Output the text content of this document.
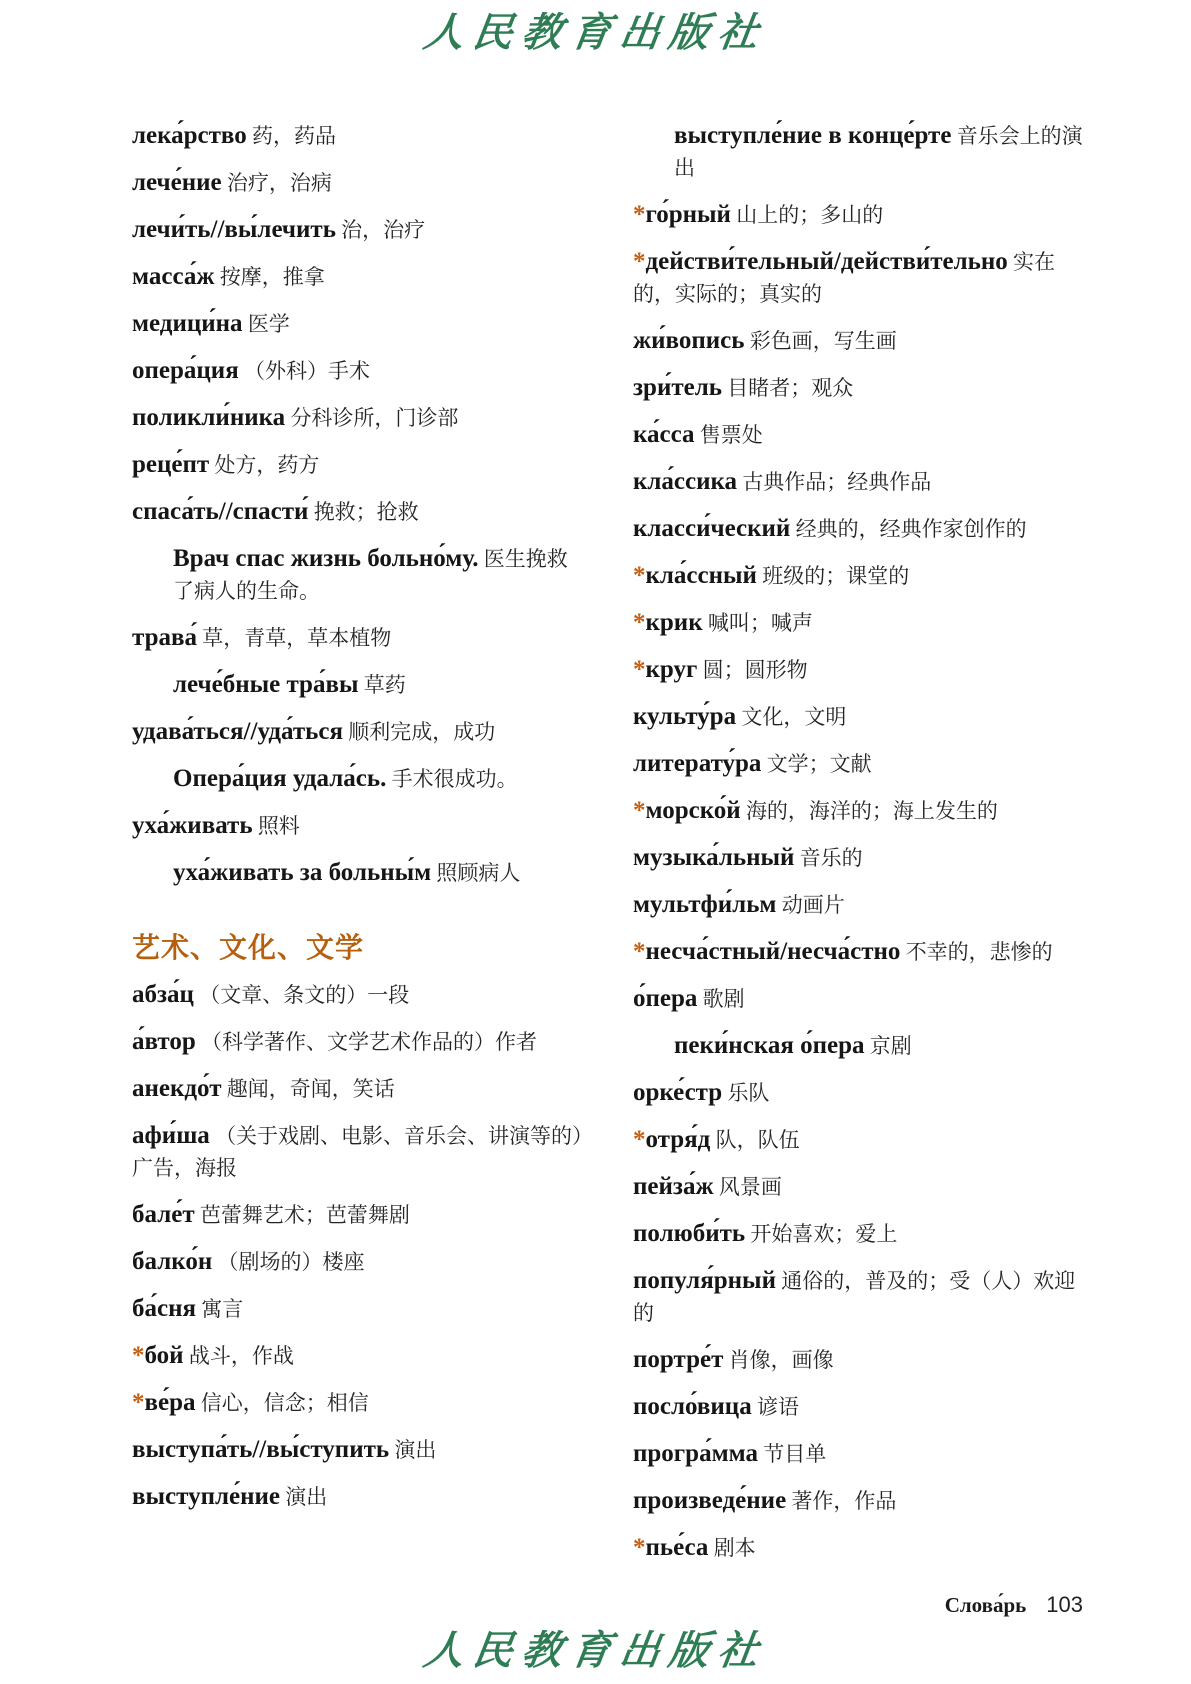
人民教育出版社
лека́рство 药，药品
лече́ние 治疗，治病
лечи́ть//вы́лечить 治，治疗
масса́ж 按摩，推拿
медици́на 医学
опера́ция （外科）手术
поликли́ника 分科诊所，门诊部
реце́пт 处方，药方
спаса́ть//спасти́ 挽救；抢救
Врач спас жизнь больно́му. 医生挽救了病人的生命。
трава́ 草，青草，草本植物
лече́бные тра́вы 草药
удава́ться//уда́ться 顺利完成，成功
Опера́ция удала́сь. 手术很成功。
уха́живать 照料
уха́живать за больны́м 照顾病人
艺术、文化、文学
абза́ц （文章、条文的）一段
а́втор （科学著作、文学艺术作品的）作者
анекдо́т 趣闻，奇闻，笑话
афи́ша （关于戏剧、电影、音乐会、讲演等的）广告，海报
бале́т 芭蕾舞艺术；芭蕾舞剧
балко́н （剧场的）楼座
ба́сня 寓言
*бой 战斗，作战
*ве́ра 信心，信念；相信
выступа́ть//вы́ступить 演出
выступле́ние 演出
выступле́ние в конце́рте 音乐会上的演出
*го́рный 山上的；多山的
*действи́тельный/действи́тельно 实在的，实际的；真实的
жи́вопись 彩色画，写生画
зри́тель 目睹者；观众
ка́сса 售票处
кла́ссика 古典作品；经典作品
класси́ческий 经典的，经典作家创作的
*кла́ссный 班级的；课堂的
*крик 喊叫；喊声
*круг 圆；圆形物
культу́ра 文化，文明
литерату́ра 文学；文献
*морско́й 海的，海洋的；海上发生的
музыка́льный 音乐的
мультфи́льм 动画片
*несча́стный/несча́стно 不幸的，悲惨的
о́пера 歌剧
пеки́нская о́пера 京剧
орке́стр 乐队
*отря́д 队，队伍
пейза́ж 风景画
полюби́ть 开始喜欢；爱上
популя́рный 通俗的，普及的；受（人）欢迎的
портре́т 肖像，画像
посло́вица 谚语
програ́мма 节目单
произведе́ние 著作，作品
*пье́са 剧本
Слова́рь 103
人民教育出版社
